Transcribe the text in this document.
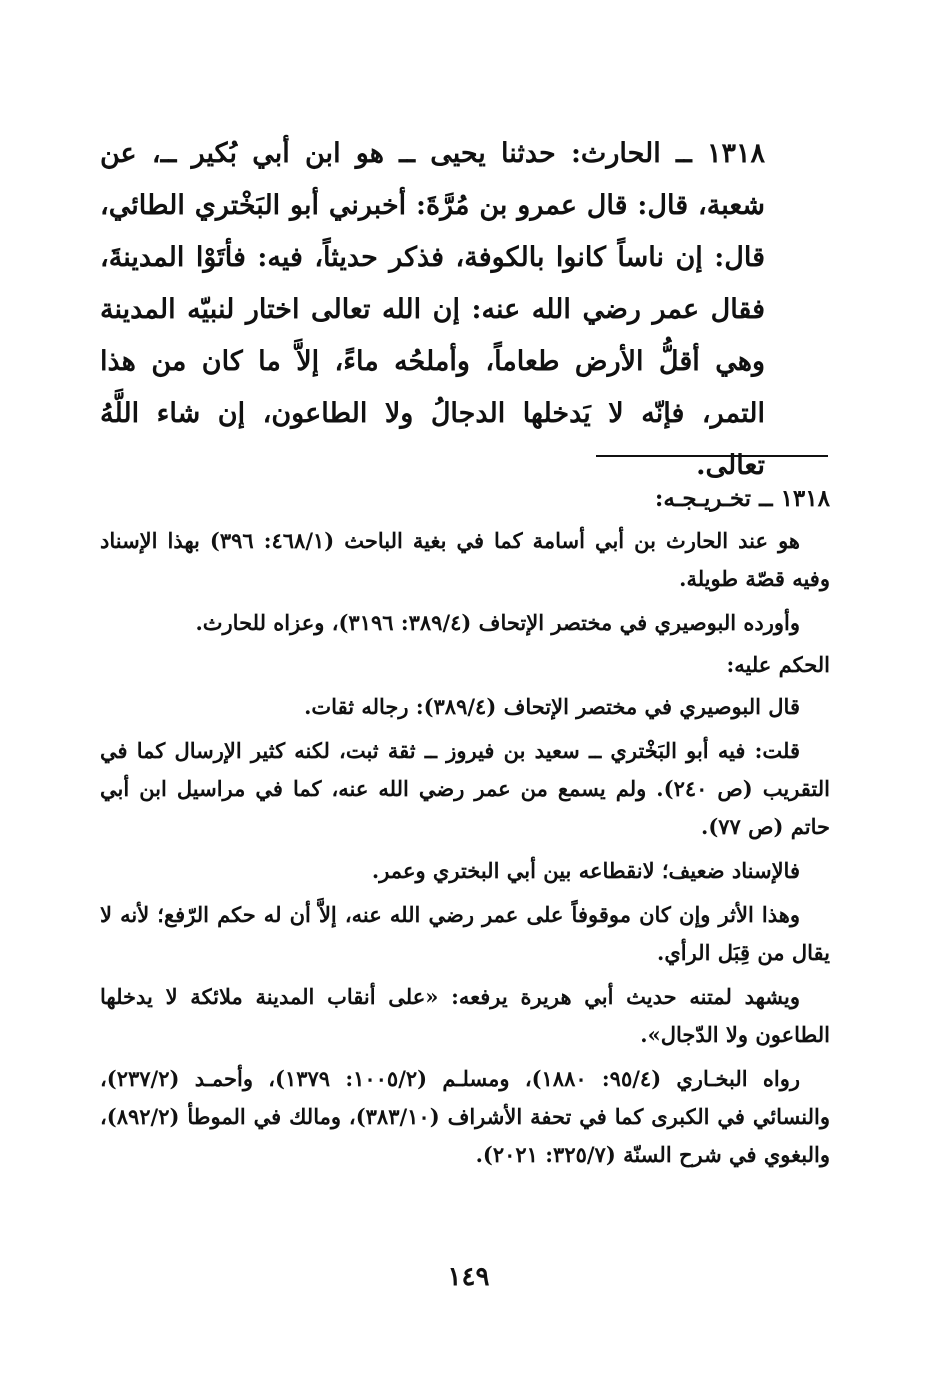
١٣١٨ ــ الحارث: حدثنا يحيى ــ هو ابن أبي بُكير ــ، عن شعبة، قال: قال عمرو بن مُرَّةَ: أخبرني أبو البَخْتري الطائي، قال: إن ناساً كانوا بالكوفة، فذكر حديثاً، فيه: فأتَوْا المدينةَ، فقال عمر رضي الله عنه: إن الله تعالى اختار لنبيّه المدينة وهي أقلُّ الأرض طعاماً، وأملحُه ماءً، إلاَّ ما كان من هذا التمر، فإنّه لا يَدخلها الدجالُ ولا الطاعون، إن شاء اللَّهُ تعالى.

١٣١٨ ــ تخـريـجـه:

هو عند الحارث بن أبي أسامة كما في بغية الباحث (٤٦٨/١: ٣٩٦) بهذا الإسناد وفيه قصّة طويلة.

وأورده البوصيري في مختصر الإتحاف (٣٨٩/٤: ٣١٩٦)، وعزاه للحارث.

الحكم عليه:

قال البوصيري في مختصر الإتحاف (٣٨٩/٤): رجاله ثقات.

قلت: فيه أبو البَخْتري ــ سعيد بن فيروز ــ ثقة ثبت، لكنه كثير الإرسال كما في التقريب (ص ٢٤٠). ولم يسمع من عمر رضي الله عنه، كما في مراسيل ابن أبي حاتم (ص ٧٧).

فالإسناد ضعيف؛ لانقطاعه بين أبي البختري وعمر.

وهذا الأثر وإن كان موقوفاً على عمر رضي الله عنه، إلاَّ أن له حكم الرّفع؛ لأنه لا يقال من قِبَل الرأي.

ويشهد لمتنه حديث أبي هريرة يرفعه: «على أنقاب المدينة ملائكة لا يدخلها الطاعون ولا الدّجال».

رواه البخـاري (٩٥/٤: ١٨٨٠)، ومسلـم (١٠٠٥/٢: ١٣٧٩)، وأحمـد (٢٣٧/٢)، والنسائي في الكبرى كما في تحفة الأشراف (٣٨٣/١٠)، ومالك في الموطأ (٨٩٢/٢)، والبغوي في شرح السنّة (٣٢٥/٧: ٢٠٢١).

١٤٩
